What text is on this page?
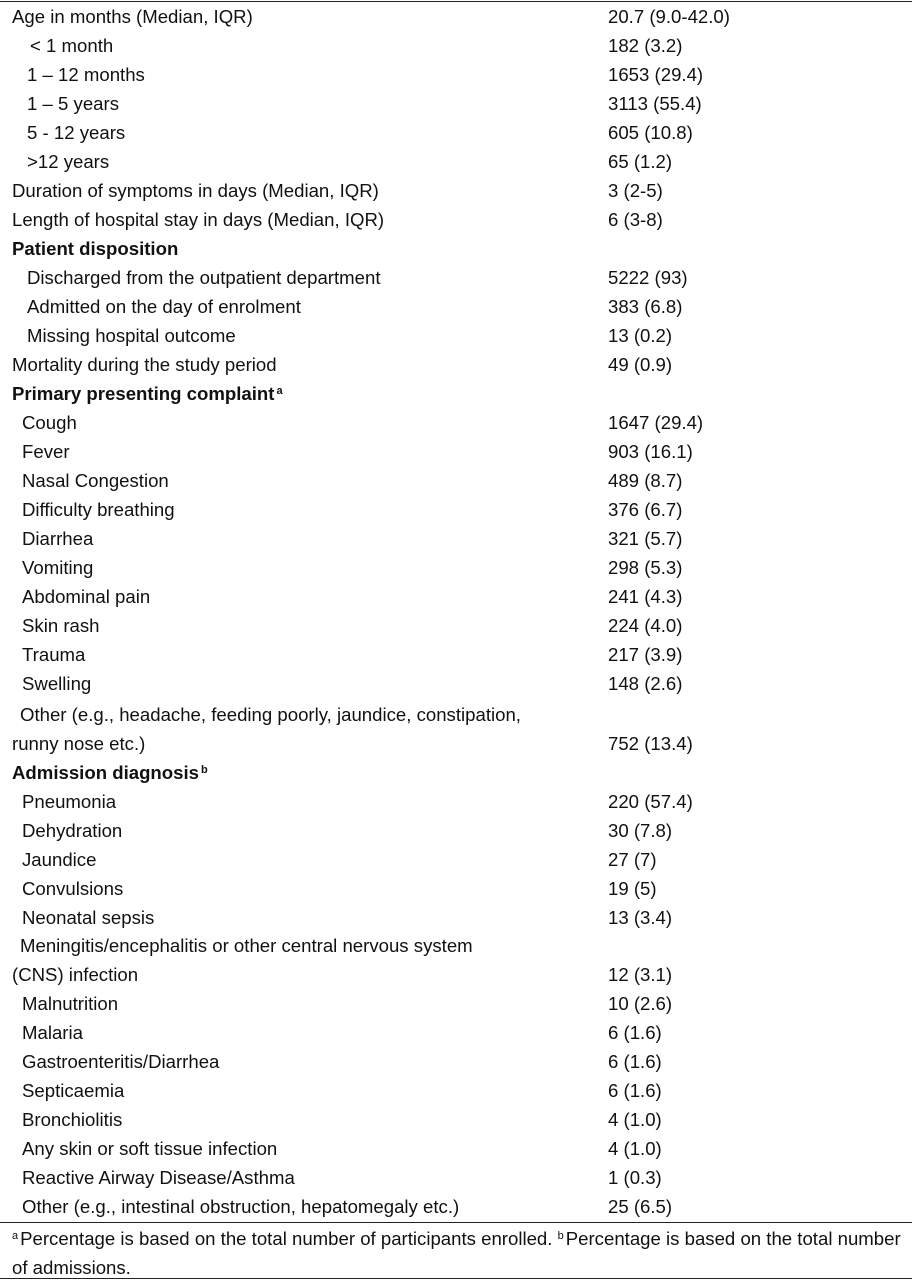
Age in months (Median, IQR)	20.7 (9.0-42.0)
< 1 month	182 (3.2)
1 – 12 months	1653 (29.4)
1 – 5 years	3113 (55.4)
5 - 12 years	605 (10.8)
>12 years	65 (1.2)
Duration of symptoms in days (Median, IQR)	3 (2-5)
Length of hospital stay in days (Median, IQR)	6 (3-8)
Patient disposition
Discharged from the outpatient department	5222 (93)
Admitted on the day of enrolment	383 (6.8)
Missing hospital outcome	13 (0.2)
Mortality during the study period	49 (0.9)
Primary presenting complaint $^a$
Cough	1647 (29.4)
Fever	903 (16.1)
Nasal Congestion	489 (8.7)
Difficulty breathing	376 (6.7)
Diarrhea	321 (5.7)
Vomiting	298 (5.3)
Abdominal pain	241 (4.3)
Skin rash	224 (4.0)
Trauma	217 (3.9)
Swelling	148 (2.6)
Other (e.g., headache, feeding poorly, jaundice, constipation,
runny nose etc.)	752 (13.4)
Admission diagnosis $^b$
Pneumonia	220 (57.4)
Dehydration	30 (7.8)
Jaundice	27 (7)
Convulsions	19 (5)
Neonatal sepsis	13 (3.4)
Meningitis/encephalitis or other central nervous system
(CNS) infection	12 (3.1)
Malnutrition	10 (2.6)
Malaria	6 (1.6)
Gastroenteritis/Diarrhea	6 (1.6)
Septicaemia	6 (1.6)
Bronchiolitis	4 (1.0)
Any skin or soft tissue infection	4 (1.0)
Reactive Airway Disease/Asthma	1 (0.3)
Other (e.g., intestinal obstruction, hepatomegaly etc.)	25 (6.5)
$^a$ Percentage is based on the total number of participants enrolled. $^b$ Percentage is based on the total number of admissions.
